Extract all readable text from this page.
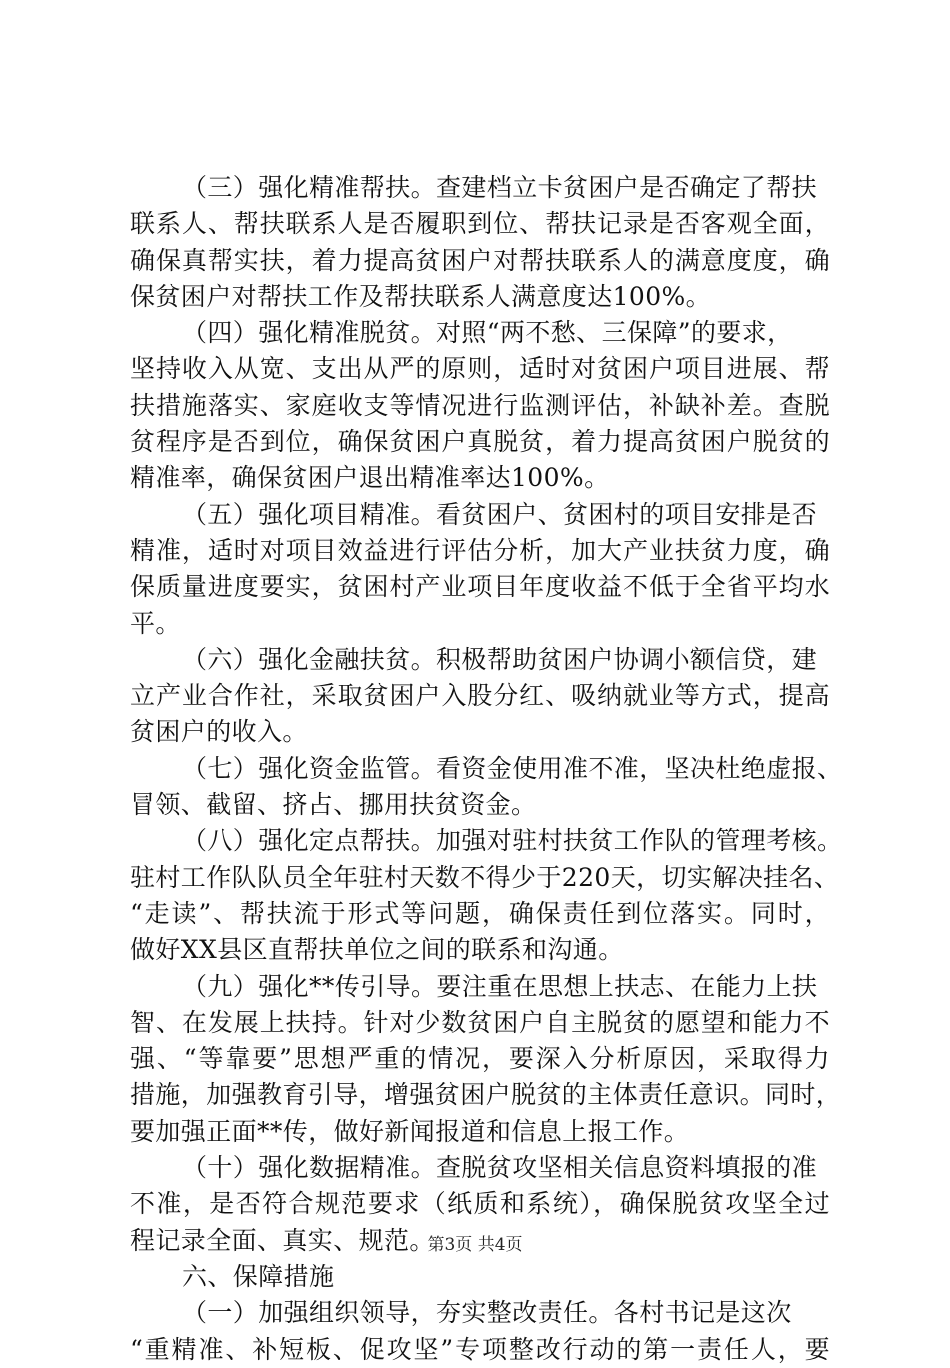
（三）强化精准帮扶。查建档立卡贫困户是否确定了帮扶
联系人、帮扶联系人是否履职到位、帮扶记录是否客观全面，
确保真帮实扶，着力提高贫困户对帮扶联系人的满意度度，确
保贫困户对帮扶工作及帮扶联系人满意度达100%。
（四）强化精准脱贫。对照“两不愁、三保障”的要求，
坚持收入从宽、支出从严的原则，适时对贫困户项目进展、帮
扶措施落实、家庭收支等情况进行监测评估，补缺补差。查脱
贫程序是否到位，确保贫困户真脱贫，着力提高贫困户脱贫的
精准率，确保贫困户退出精准率达100%。
（五）强化项目精准。看贫困户、贫困村的项目安排是否
精准，适时对项目效益进行评估分析，加大产业扶贫力度，确
保质量进度要实，贫困村产业项目年度收益不低于全省平均水
平。
（六）强化金融扶贫。积极帮助贫困户协调小额信贷，建
立产业合作社，采取贫困户入股分红、吸纳就业等方式，提高
贫困户的收入。
（七）强化资金监管。看资金使用准不准，坚决杜绝虚报、
冒领、截留、挤占、挪用扶贫资金。
（八）强化定点帮扶。加强对驻村扶贫工作队的管理考核。
驻村工作队队员全年驻村天数不得少于220天，切实解决挂名、
“走读”、帮扶流于形式等问题，确保责任到位落实。同时，
做好XX县区直帮扶单位之间的联系和沟通。
（九）强化**传引导。要注重在思想上扶志、在能力上扶
智、在发展上扶持。针对少数贫困户自主脱贫的愿望和能力不
强、“等靠要”思想严重的情况，要深入分析原因，采取得力
措施，加强教育引导，增强贫困户脱贫的主体责任意识。同时，
要加强正面**传，做好新闻报道和信息上报工作。
（十）强化数据精准。查脱贫攻坚相关信息资料填报的准
不准，是否符合规范要求（纸质和系统），确保脱贫攻坚全过
程记录全面、真实、规范。
六、保障措施
（一）加强组织领导，夯实整改责任。各村书记是这次
“重精准、补短板、促攻坚”专项整改行动的第一责任人，要
第3页 共4页
